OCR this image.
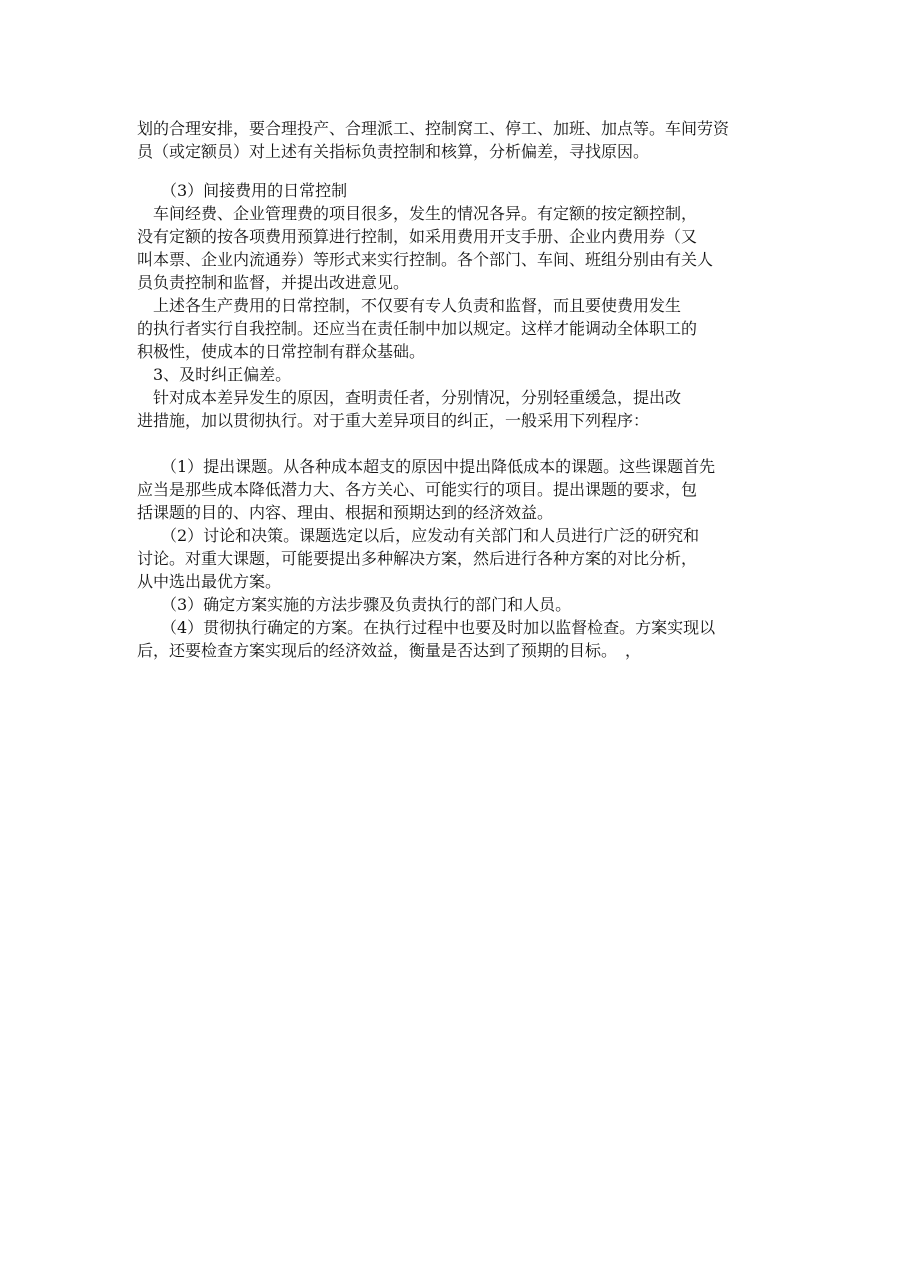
划的合理安排，要合理投产、合理派工、控制窝工、停工、加班、加点等。车间劳资
员（或定额员）对上述有关指标负责控制和核算，分析偏差，寻找原因。
（3）间接费用的日常控制
车间经费、企业管理费的项目很多，发生的情况各异。有定额的按定额控制，
没有定额的按各项费用预算进行控制，如采用费用开支手册、企业内费用券（又
叫本票、企业内流通券）等形式来实行控制。各个部门、车间、班组分别由有关人
员负责控制和监督，并提出改进意见。
上述各生产费用的日常控制，不仅要有专人负责和监督，而且要使费用发生
的执行者实行自我控制。还应当在责任制中加以规定。这样才能调动全体职工的
积极性，使成本的日常控制有群众基础。
3、及时纠正偏差。
针对成本差异发生的原因，查明责任者，分别情况，分别轻重缓急，提出改
进措施，加以贯彻执行。对于重大差异项目的纠正，一般采用下列程序：
（1）提出课题。从各种成本超支的原因中提出降低成本的课题。这些课题首先
应当是那些成本降低潜力大、各方关心、可能实行的项目。提出课题的要求，包
括课题的目的、内容、理由、根据和预期达到的经济效益。
（2）讨论和决策。课题选定以后，应发动有关部门和人员进行广泛的研究和
讨论。对重大课题，可能要提出多种解决方案，然后进行各种方案的对比分析，
从中选出最优方案。
（3）确定方案实施的方法步骤及负责执行的部门和人员。
（4）贯彻执行确定的方案。在执行过程中也要及时加以监督检查。方案实现以
后，还要检查方案实现后的经济效益，衡量是否达到了预期的目标。　，
